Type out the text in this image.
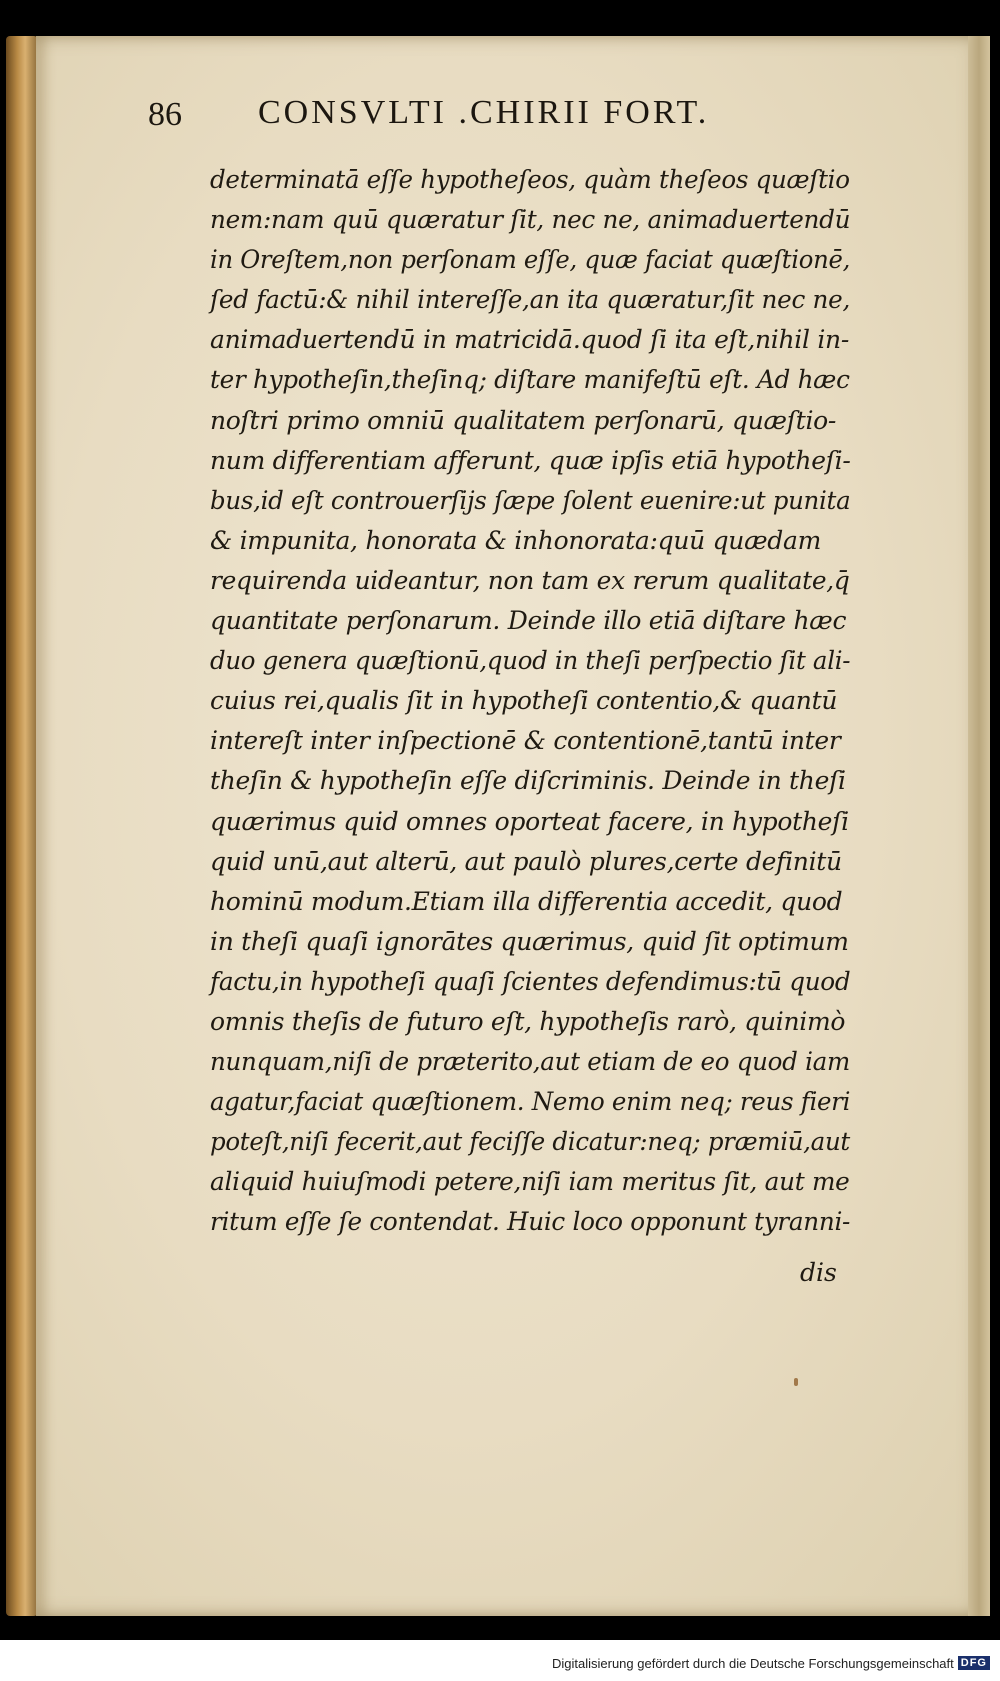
86 CONSVLTI .CHIRII FORT.
determinatā eſſe hypotheſeos, quàm theſeos quæſtio
nem:nam quū quæratur ſit, nec ne, animaduertendū
in Oreſtem,non perſonam eſſe, quæ faciat quæſtionē,
ſed factū:& nihil intereſſe,an ita quæratur,ſit nec ne,
animaduertendū in matricidā.quod ſi ita eſt,nihil in-
ter hypotheſin,theſinq; diſtare manifeſtū eſt. Ad hæc
noſtri primo omniū qualitatem perſonarū, quæſtio-
num differentiam afferunt, quæ ipſis etiā hypotheſi-
bus,id eſt controuerſijs ſæpe ſolent euenire:ut punita
& impunita, honorata & inhonorata:quū quædam
requirenda uideantur, non tam ex rerum qualitate,q̄
quantitate perſonarum. Deinde illo etiā diſtare hæc
duo genera quæſtionū,quod in theſi perſpectio ſit ali-
cuius rei,qualis ſit in hypotheſi contentio,& quantū
intereſt inter inſpectionē & contentionē,tantū inter
theſin & hypotheſin eſſe diſcriminis. Deinde in theſi
quærimus quid omnes oporteat facere, in hypotheſi
quid unū,aut alterū, aut paulò plures,certe definitū
hominū modum.Etiam illa differentia accedit, quod
in theſi quaſi ignorātes quærimus, quid ſit optimum
factu,in hypotheſi quaſi ſcientes defendimus:tū quod
omnis theſis de futuro eſt, hypotheſis rarò, quinimò
nunquam,niſi de præterito,aut etiam de eo quod iam
agatur,faciat quæſtionem. Nemo enim neq; reus fieri
poteſt,niſi fecerit,aut feciſſe dicatur:neq; præmiū,aut
aliquid huiuſmodi petere,niſi iam meritus ſit, aut me
ritum eſſe ſe contendat. Huic loco opponunt tyranni-
dis
Digitalisierung gefördert durch die Deutsche Forschungsgemeinschaft DFG
